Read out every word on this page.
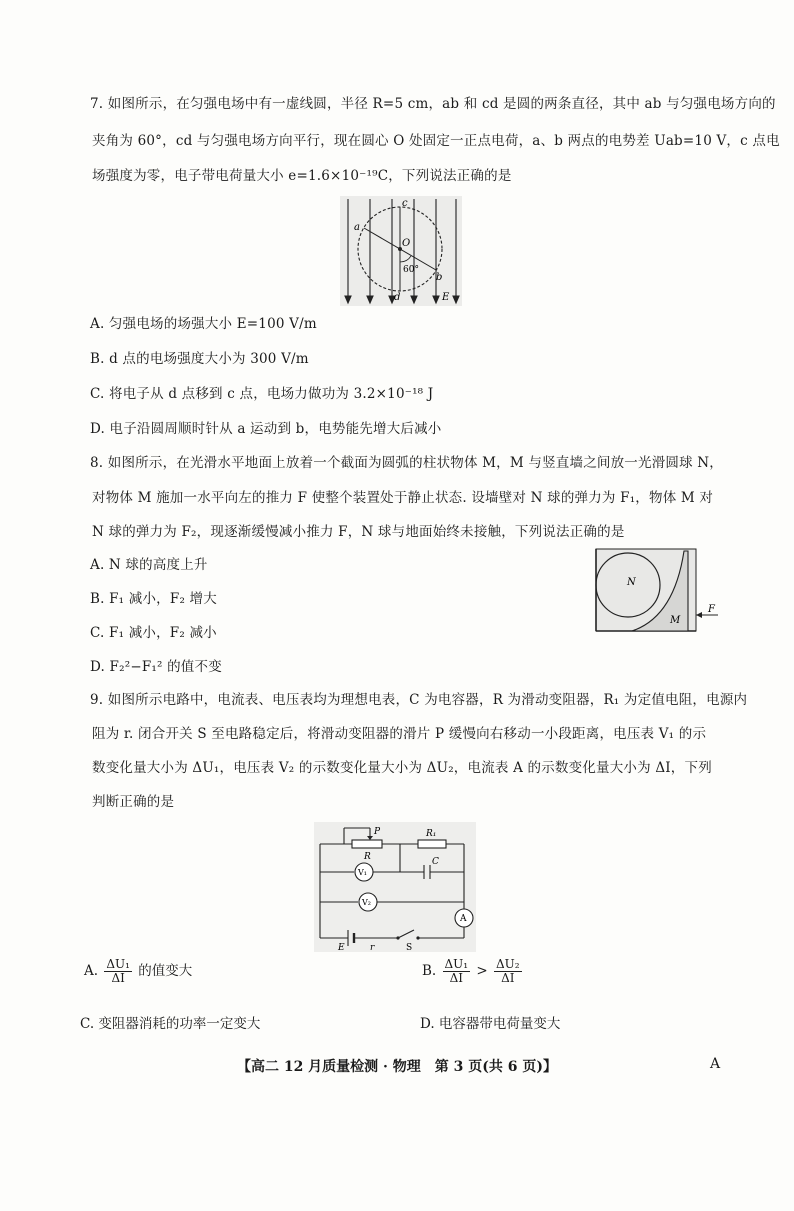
7. 如图所示，在匀强电场中有一虚线圆，半径 R=5 cm，ab 和 cd 是圆的两条直径，其中 ab 与匀强电场方向的
夹角为 60°，cd 与匀强电场方向平行，现在圆心 O 处固定一正点电荷，a、b 两点的电势差 Uab=10 V，c 点电
场强度为零，电子带电荷量大小 e=1.6×10⁻¹⁹C，下列说法正确的是
c
a
O
b
60°
d	E
A. 匀强电场的场强大小 E=100 V/m
B. d 点的电场强度大小为 300 V/m
C. 将电子从 d 点移到 c 点，电场力做功为 3.2×10⁻¹⁸ J
D. 电子沿圆周顺时针从 a 运动到 b，电势能先增大后减小
8. 如图所示，在光滑水平地面上放着一个截面为圆弧的柱状物体 M，M 与竖直墙之间放一光滑圆球 N，
对物体 M 施加一水平向左的推力 F 使整个装置处于静止状态. 设墙壁对 N 球的弹力为 F₁，物体 M 对
N 球的弹力为 F₂，现逐渐缓慢减小推力 F，N 球与地面始终未接触，下列说法正确的是
A. N 球的高度上升
B. F₁ 减小，F₂ 增大
C. F₁ 减小，F₂ 减小
D. F₂²−F₁² 的值不变
N
M
F
9. 如图所示电路中，电流表、电压表均为理想电表，C 为电容器，R 为滑动变阻器，R₁ 为定值电阻，电源内
阻为 r. 闭合开关 S 至电路稳定后，将滑动变阻器的滑片 P 缓慢向右移动一小段距离，电压表 V₁ 的示
数变化量大小为 ΔU₁，电压表 V₂ 的示数变化量大小为 ΔU₂，电流表 A 的示数变化量大小为 ΔI，下列
判断正确的是
P
R
R₁
C
V₁
V₂
A
E	r	S
A. $\frac{\text{ΔU₁}}{\Delta I}$ 的值变大	B. $\frac{\text{ΔU₁}}{\Delta I} > \frac{\text{ΔU₂}}{\Delta I}$
C. 变阻器消耗的功率一定变大	D. 电容器带电荷量变大
【高二 12 月质量检测 · 物理　第 3 页(共 6 页)】	A
